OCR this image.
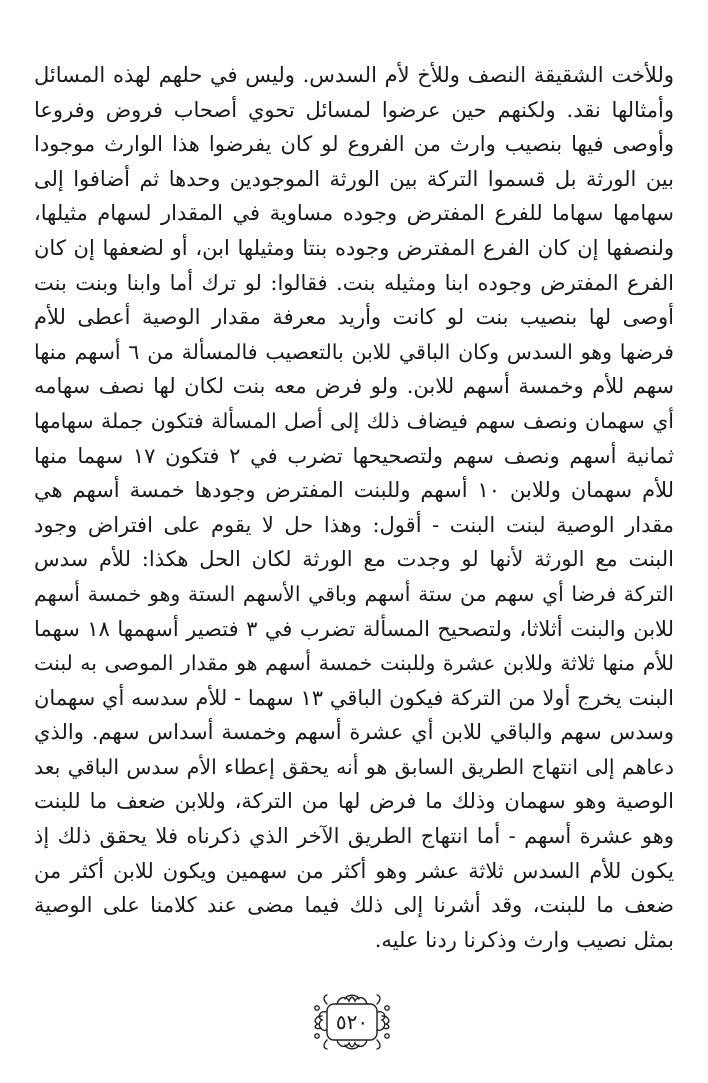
وللأخت الشقيقة النصف وللأخ لأم السدس. وليس في حلهم لهذه المسائل
وأمثالها نقد. ولكنهم حين عرضوا لمسائل تحوي أصحاب فروض وفروعا
وأوصى فيها بنصيب وارث من الفروع لو كان يفرضوا هذا الوارث موجودا
بين الورثة بل قسموا التركة بين الورثة الموجودين وحدها ثم أضافوا إلى
سهامها سهاما للفرع المفترض وجوده مساوية في المقدار لسهام مثيلها،
ولنصفها إن كان الفرع المفترض وجوده بنتا ومثيلها ابن، أو لضعفها إن كان
الفرع المفترض وجوده ابنا ومثيله بنت. فقالوا: لو ترك أما وابنا وبنت بنت
أوصى لها بنصيب بنت لو كانت وأريد معرفة مقدار الوصية أعطى للأم
فرضها وهو السدس وكان الباقي للابن بالتعصيب فالمسألة من ٦ أسهم منها
سهم للأم وخمسة أسهم للابن. ولو فرض معه بنت لكان لها نصف سهامه
أي سهمان ونصف سهم فيضاف ذلك إلى أصل المسألة فتكون جملة سهامها
ثمانية أسهم ونصف سهم ولتصحيحها تضرب في ٢ فتكون ١٧ سهما منها
للأم سهمان وللابن ١٠ أسهم وللبنت المفترض وجودها خمسة أسهم هي
مقدار الوصية لبنت البنت - أقول: وهذا حل لا يقوم على افتراض وجود
البنت مع الورثة لأنها لو وجدت مع الورثة لكان الحل هكذا: للأم سدس
التركة فرضا أي سهم من ستة أسهم وباقي الأسهم الستة وهو خمسة أسهم
للابن والبنت أثلاثا، ولتصحيح المسألة تضرب في ٣ فتصير أسهمها ١٨ سهما
للأم منها ثلاثة وللابن عشرة وللبنت خمسة أسهم هو مقدار الموصى به لبنت
البنت يخرج أولا من التركة فيكون الباقي ١٣ سهما - للأم سدسه أي سهمان
وسدس سهم والباقي للابن أي عشرة أسهم وخمسة أسداس سهم. والذي
دعاهم إلى انتهاج الطريق السابق هو أنه يحقق إعطاء الأم سدس الباقي بعد
الوصية وهو سهمان وذلك ما فرض لها من التركة، وللابن ضعف ما للبنت
وهو عشرة أسهم - أما انتهاج الطريق الآخر الذي ذكرناه فلا يحقق ذلك إذ
يكون للأم السدس ثلاثة عشر وهو أكثر من سهمين ويكون للابن أكثر من
ضعف ما للبنت، وقد أشرنا إلى ذلك فيما مضى عند كلامنا على الوصية
بمثل نصيب وارث وذكرنا ردنا عليه.
٥٢٠
